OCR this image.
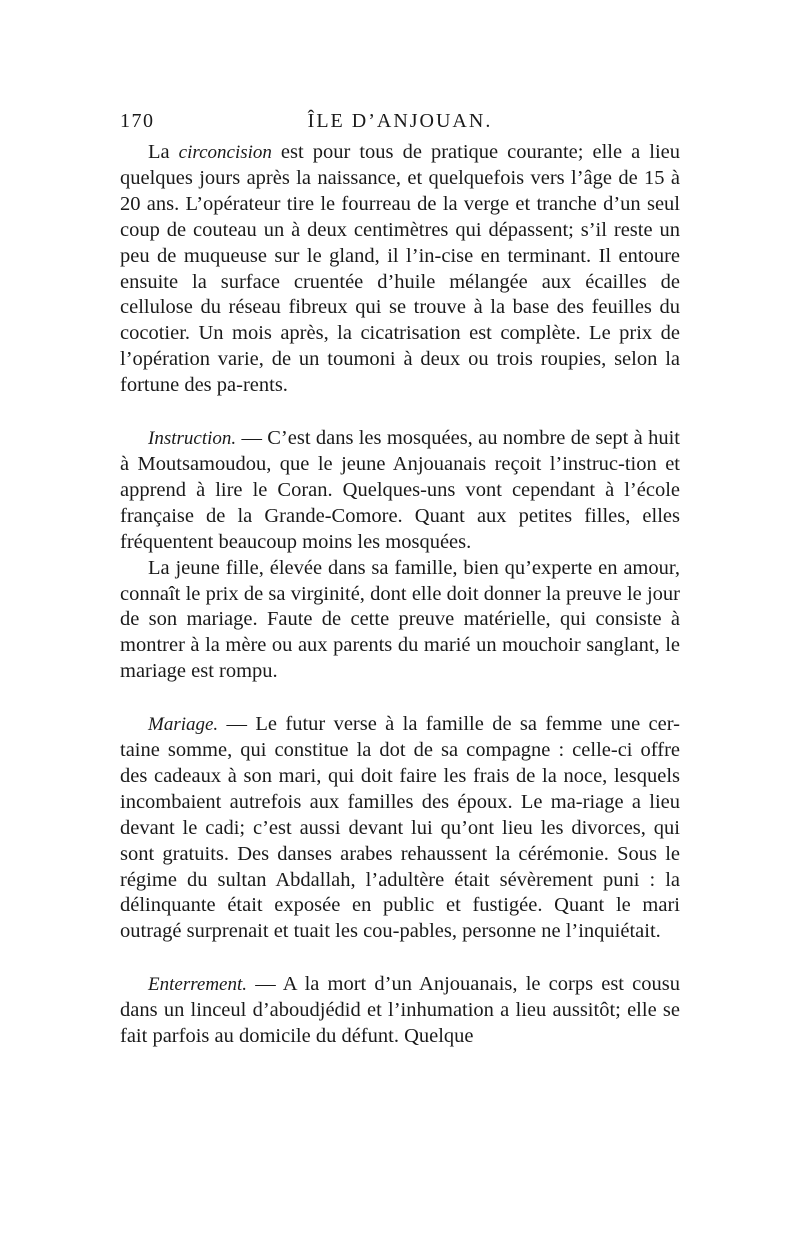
170	ÎLE D’ANJOUAN.

La circoncision est pour tous de pratique courante; elle a lieu quelques jours après la naissance, et quelquefois vers l’âge de 15 à 20 ans. L’opérateur tire le fourreau de la verge et tranche d’un seul coup de couteau un à deux centimètres qui dépassent; s’il reste un peu de muqueuse sur le gland, il l’in-cise en terminant. Il entoure ensuite la surface cruentée d’huile mélangée aux écailles de cellulose du réseau fibreux qui se trouve à la base des feuilles du cocotier. Un mois après, la cicatrisation est complète. Le prix de l’opération varie, de un toumoni à deux ou trois roupies, selon la fortune des pa-rents.

Instruction. — C’est dans les mosquées, au nombre de sept à huit à Moutsamoudou, que le jeune Anjouanais reçoit l’instruc-tion et apprend à lire le Coran. Quelques-uns vont cependant à l’école française de la Grande-Comore. Quant aux petites filles, elles fréquentent beaucoup moins les mosquées.

La jeune fille, élevée dans sa famille, bien qu’experte en amour, connaît le prix de sa virginité, dont elle doit donner la preuve le jour de son mariage. Faute de cette preuve matérielle, qui consiste à montrer à la mère ou aux parents du marié un mouchoir sanglant, le mariage est rompu.

Mariage. — Le futur verse à la famille de sa femme une cer-taine somme, qui constitue la dot de sa compagne : celle-ci offre des cadeaux à son mari, qui doit faire les frais de la noce, lesquels incombaient autrefois aux familles des époux. Le ma-riage a lieu devant le cadi; c’est aussi devant lui qu’ont lieu les divorces, qui sont gratuits. Des danses arabes rehaussent la cérémonie. Sous le régime du sultan Abdallah, l’adultère était sévèrement puni : la délinquante était exposée en public et fustigée. Quant le mari outragé surprenait et tuait les cou-pables, personne ne l’inquiétait.

Enterrement. — A la mort d’un Anjouanais, le corps est cousu dans un linceul d’aboudjédid et l’inhumation a lieu aussitôt; elle se fait parfois au domicile du défunt. Quelque
